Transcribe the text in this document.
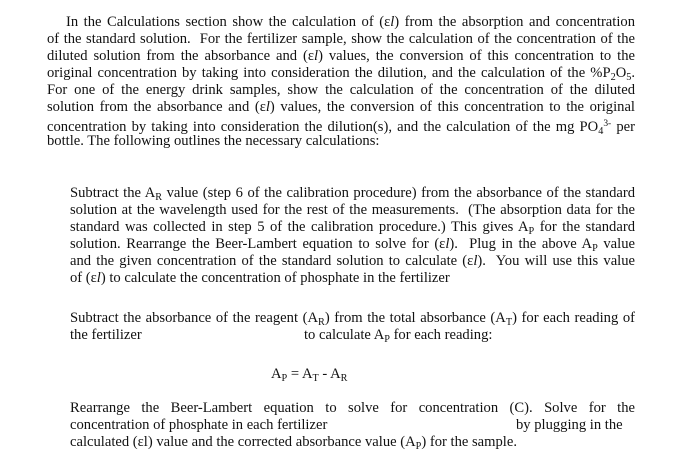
In the Calculations section show the calculation of (εl) from the absorption and concentration
of the standard solution.  For the fertilizer sample, show the calculation of the concentration of the
diluted solution from the absorbance and (εl) values, the conversion of this concentration to the
original concentration by taking into consideration the dilution, and the calculation of the $\%P_2O_5$.
For one of the energy drink samples, show the calculation of the concentration of the diluted
solution from the absorbance and (εl) values, the conversion of this concentration to the original
concentration by taking into consideration the dilution(s), and the calculation of the mg $PO_4^{3-}$ per
bottle. The following outlines the necessary calculations:
Subtract the $A_R$ value (step 6 of the calibration procedure) from the absorbance of the standard
solution at the wavelength used for the rest of the measurements.  (The absorption data for the
standard was collected in step 5 of the calibration procedure.) This gives $A_P$ for the standard
solution. Rearrange the Beer-Lambert equation to solve for (εl).  Plug in the above $A_P$ value
and the given concentration of the standard solution to calculate (εl).  You will use this value
of (εl) to calculate the concentration of phosphate in the fertilizer
Subtract the absorbance of the reagent $(A_R)$ from the total absorbance $(A_T)$ for each reading of
the fertilizer	to calculate $A_P$ for each reading:
$A_P = A_T - A_R$
Rearrange the Beer-Lambert equation to solve for concentration (C). Solve for the
concentration of phosphate in each fertilizer	by plugging in the
calculated (εl) value and the corrected absorbance value $(A_P)$ for the sample.
